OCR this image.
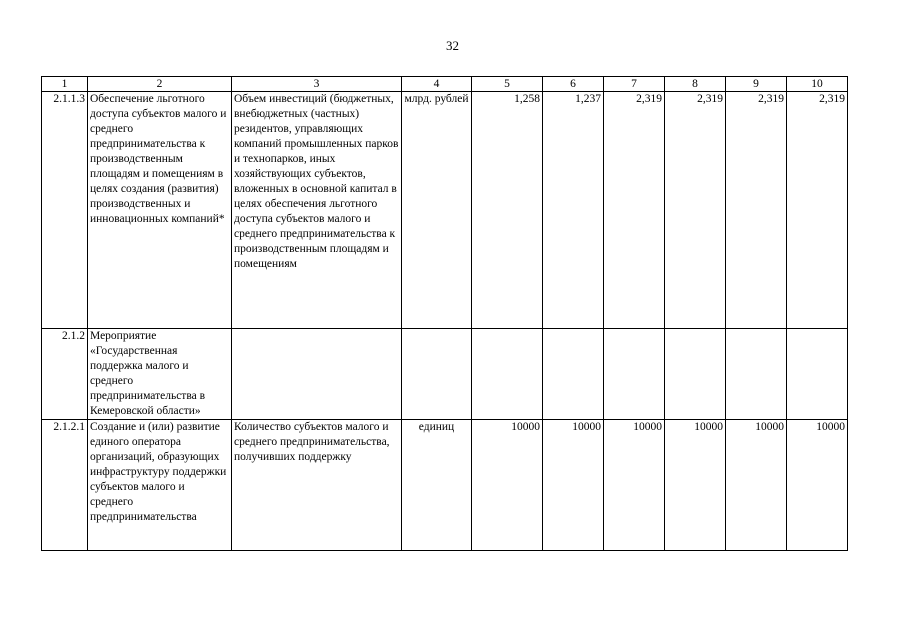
32
1	2	3	4	5	6	7	8	9	10
2.1.1.3	Обеспечение льготного доступа субъектов малого и среднего предпринимательства к производственным площадям и помещениям в целях создания (развития) производственных и инновационных компаний*	Объем инвестиций (бюджетных, внебюджетных (частных) резидентов, управляющих компаний промышленных парков и технопарков, иных хозяйствующих субъектов, вложенных в основной капитал в целях обеспечения льготного доступа субъектов малого и среднего предпринимательства к производственным площадям и помещениям	млрд. рублей	1,258	1,237	2,319	2,319	2,319	2,319
2.1.2	Мероприятие «Государственная поддержка малого и среднего предпринимательства в Кемеровской области»								
2.1.2.1	Создание и (или) развитие единого оператора организаций, образующих инфраструктуру поддержки субъектов малого и среднего предпринимательства	Количество субъектов малого и среднего предпринимательства, получивших поддержку	единиц	10000	10000	10000	10000	10000	10000
